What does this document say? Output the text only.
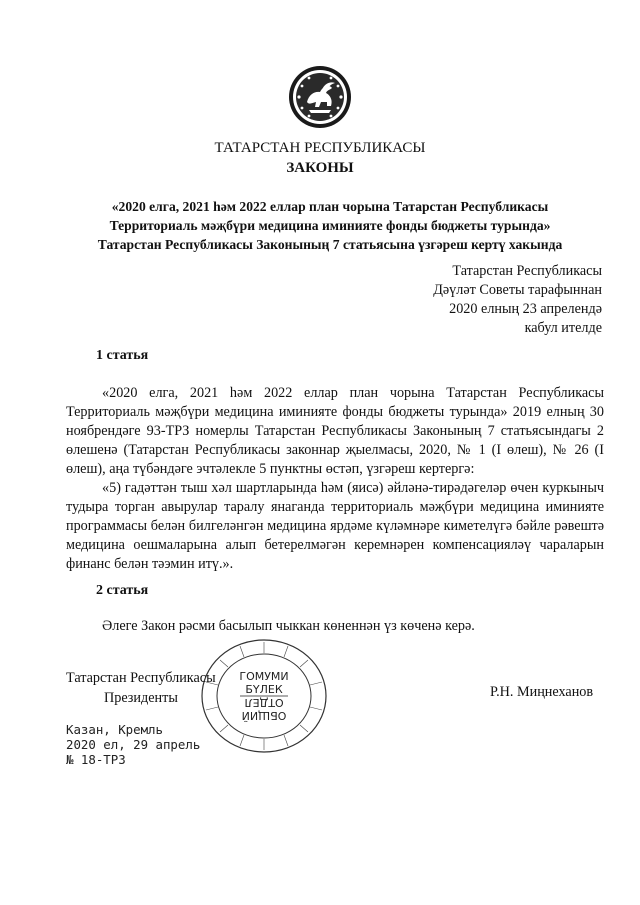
ТАТАРСТАН РЕСПУБЛИКАСЫ
ЗАКОНЫ
«2020 елга, 2021 һәм 2022 еллар план чорына Татарстан Республикасы
Территориаль мәҗбүри медицина иминияте фонды бюджеты турында»
Татарстан Республикасы Законының 7 статьясына үзгәреш кертү хакында
Татарстан Республикасы
Дәүләт Советы тарафыннан
2020 елның 23 апрелендә
кабул ителде
1 статья

«2020 елга, 2021 һәм 2022 еллар план чорына Татарстан Республикасы Территориаль мәҗбүри медицина иминияте фонды бюджеты турында» 2019 елның 30 ноябрендәге 93-ТРЗ номерлы Татарстан Республикасы Законының 7 статьясындагы 2 өлешенә (Татарстан Республикасы законнар җыелмасы, 2020, № 1 (I өлеш), № 26 (I өлеш), аңа түбәндәге эчтәлекле 5 пунктны өстәп, үзгәреш кертергә:

«5) гадәттән тыш хәл шартларында һәм (яисә) әйләнә-тирәдәгеләр өчен куркыныч тудыра торган авырулар таралу янаганда территориаль мәҗбүри медицина иминияте программасы белән билгеләнгән медицина ярдәме күләмнәре киметелүгә бәйле рәвештә медицина оешмаларына алып бетерелмәгән керемнәрен компенсацияләү чараларын финанс белән тәэмин итү.».

2 статья
Әлеге Закон рәсми басылып чыккан көненнән үз көченә керә.
ГОМУМИ
БҮЛЕК
ОТДЕЛ
ОБЩИЙ
Татарстан Республикасы
Президенты	Р.Н. Миңнеханов
Казан, Кремль
2020 ел, 29 апрель
№ 18-ТРЗ
